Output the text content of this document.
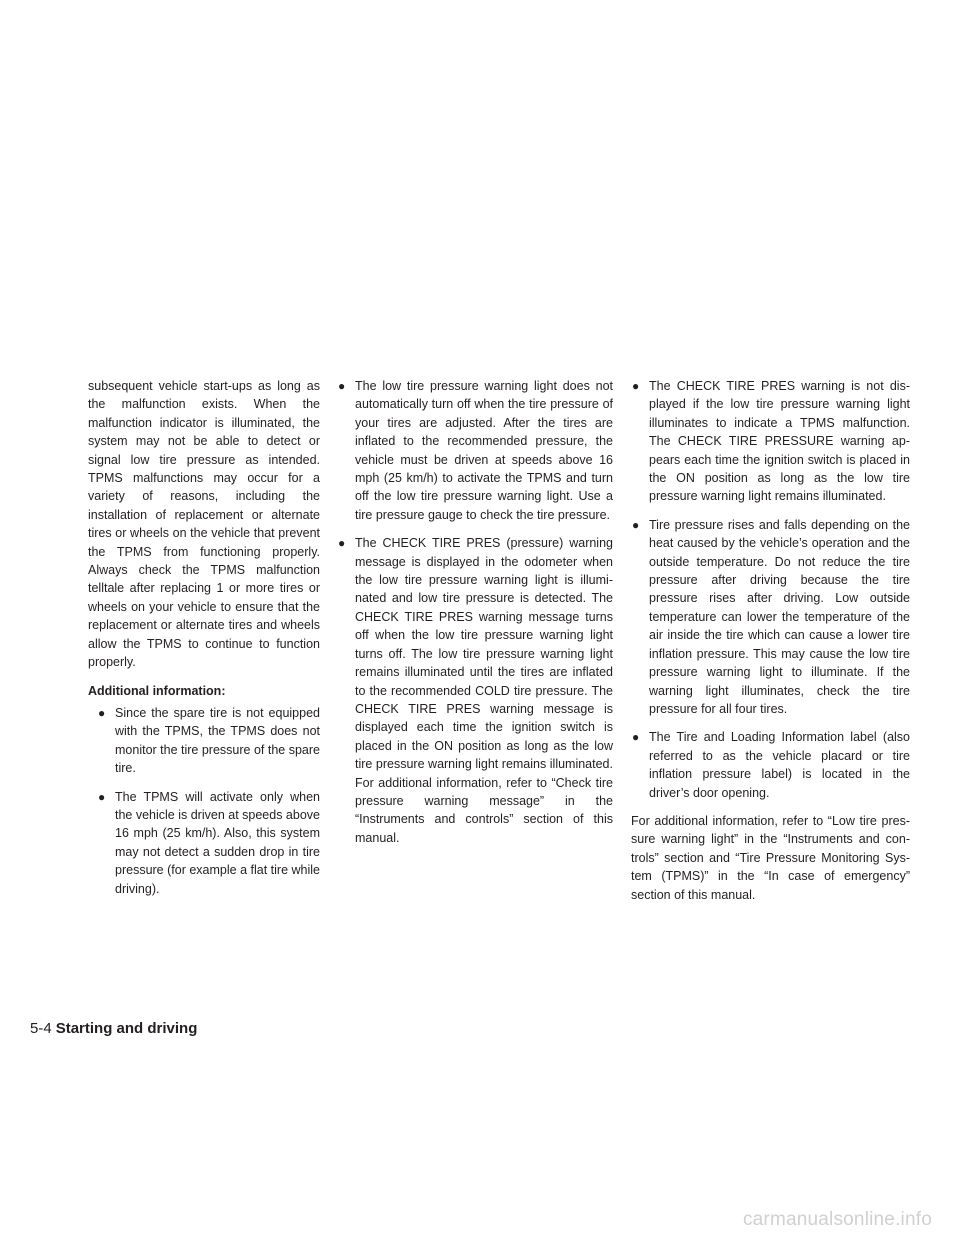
subsequent vehicle start-ups as long as the malfunction exists. When the malfunction indicator is illuminated, the system may not be able to detect or signal low tire pressure as intended. TPMS malfunctions may occur for a variety of reasons, including the installation of replacement or alternate tires or wheels on the vehicle that prevent the TPMS from functioning properly. Always check the TPMS malfunction telltale after replacing 1 or more tires or wheels on your vehicle to ensure that the replacement or alternate tires and wheels allow the TPMS to continue to function properly.

Additional information:

● Since the spare tire is not equipped with the TPMS, the TPMS does not monitor the tire pressure of the spare tire.
● The TPMS will activate only when the vehicle is driven at speeds above 16 mph (25 km/h). Also, this system may not detect a sudden drop in tire pressure (for example a flat tire while driving).
● The low tire pressure warning light does not automatically turn off when the tire pressure of your tires are adjusted. After the tires are inflated to the recommended pressure, the vehicle must be driven at speeds above 16 mph (25 km/h) to activate the TPMS and turn off the low tire pressure warning light. Use a tire pressure gauge to check the tire pressure.
● The CHECK TIRE PRES (pressure) warning message is displayed in the odometer when the low tire pressure warning light is illuminated and low tire pressure is detected. The CHECK TIRE PRES warning message turns off when the low tire pressure warning light turns off. The low tire pressure warning light remains illuminated until the tires are inflated to the recommended COLD tire pressure. The CHECK TIRE PRES warning message is displayed each time the ignition switch is placed in the ON position as long as the low tire pressure warning light remains illuminated. For additional information, refer to “Check tire pressure warning message” in the “Instruments and controls” section of this manual.
● The CHECK TIRE PRES warning is not displayed if the low tire pressure warning light illuminates to indicate a TPMS malfunction. The CHECK TIRE PRESSURE warning appears each time the ignition switch is placed in the ON position as long as the low tire pressure warning light remains illuminated.
● Tire pressure rises and falls depending on the heat caused by the vehicle’s operation and the outside temperature. Do not reduce the tire pressure after driving because the tire pressure rises after driving. Low outside temperature can lower the temperature of the air inside the tire which can cause a lower tire inflation pressure. This may cause the low tire pressure warning light to illuminate. If the warning light illuminates, check the tire pressure for all four tires.
● The Tire and Loading Information label (also referred to as the vehicle placard or tire inflation pressure label) is located in the driver’s door opening.

For additional information, refer to “Low tire pressure warning light” in the “Instruments and controls” section and “Tire Pressure Monitoring System (TPMS)” in the “In case of emergency” section of this manual.

5-4 Starting and driving
carmanualsonline.info
